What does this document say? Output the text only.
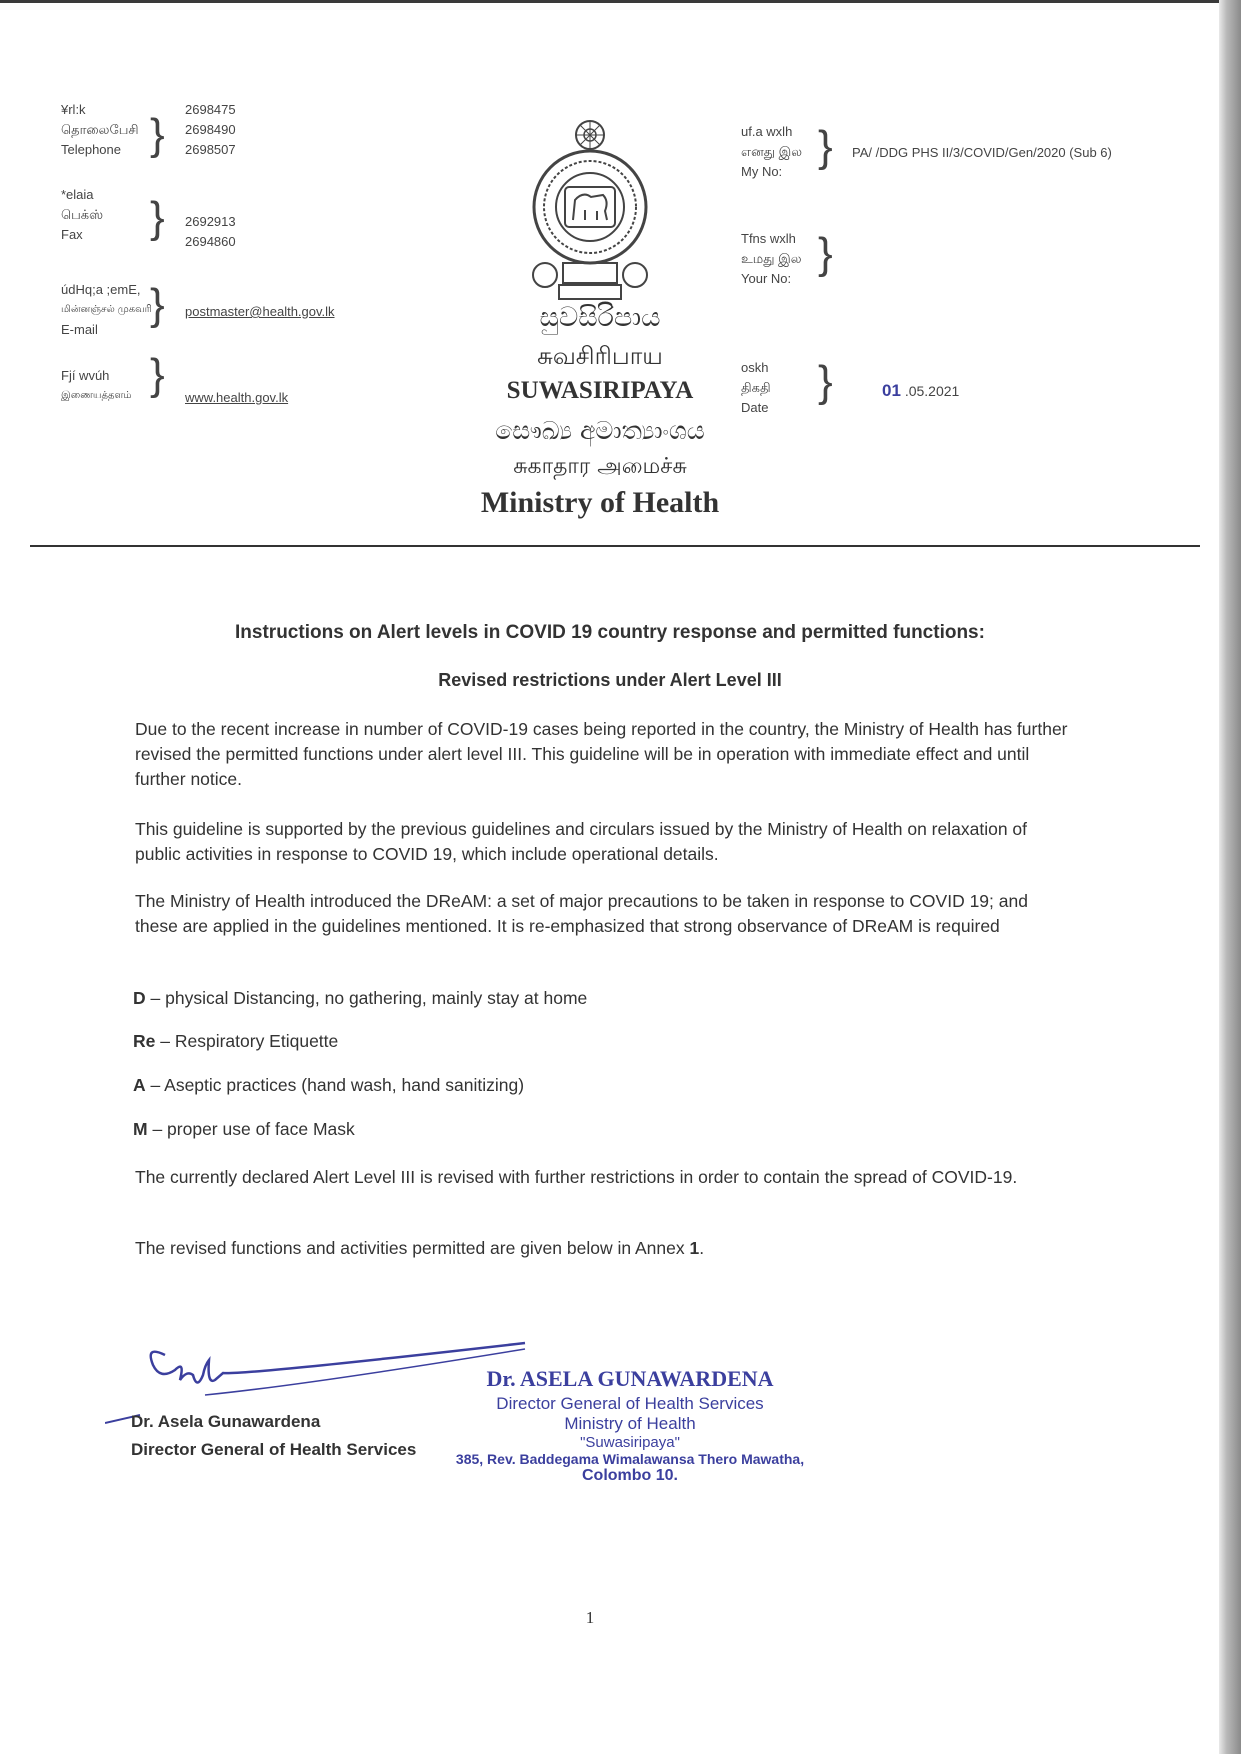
¥rl:k
தொலைபேசி
Telephone }
2698475
2698490
2698507
*elaia
பெக்ஸ்
Fax	} 2692913
2694860
údHq;a ;emE,
மின்னஞ்சல் முகவரி
E-mail
} postmaster@health.gov.lk
Fjí wvúh
இணையத்தளம் } www.health.gov.lk
සුවසිරිපාය
சுவசிரிபாய
SUWASIRIPAYA
සෞඛ්‍ය අමාත්‍යාංශය
சுகாதார அமைச்சு
Ministry of Health
uf.a wxlh
எனது இல
My No:
} PA/ /DDG PHS II/3/COVID/Gen/2020 (Sub 6)
Tfns wxlh
உமது இல
Your No:
}
oskh
திகதி
Date
}	01 .05.2021
Instructions on Alert levels in COVID 19 country response and permitted functions:
Revised restrictions under Alert Level III
Due to the recent increase in number of COVID-19 cases being reported in the country, the Ministry of Health has further revised the permitted functions under alert level III. This guideline will be in operation with immediate effect and until further notice.
This guideline is supported by the previous guidelines and circulars issued by the Ministry of Health on relaxation of public activities in response to COVID 19, which include operational details.
The Ministry of Health introduced the DReAM: a set of major precautions to be taken in response to COVID 19; and these are applied in the guidelines mentioned. It is re-emphasized that strong observance of DReAM is required
D – physical Distancing, no gathering, mainly stay at home
Re – Respiratory Etiquette
A – Aseptic practices (hand wash, hand sanitizing)
M – proper use of face Mask
The currently declared Alert Level III is revised with further restrictions in order to contain the spread of COVID-19.
The revised functions and activities permitted are given below in Annex 1.
Dr. Asela Gunawardena
Director General of Health Services
Dr. ASELA GUNAWARDENA
Director General of Health Services
Ministry of Health
"Suwasiripaya"
385, Rev. Baddegama Wimalawansa Thero Mawatha,
Colombo 10.
1
